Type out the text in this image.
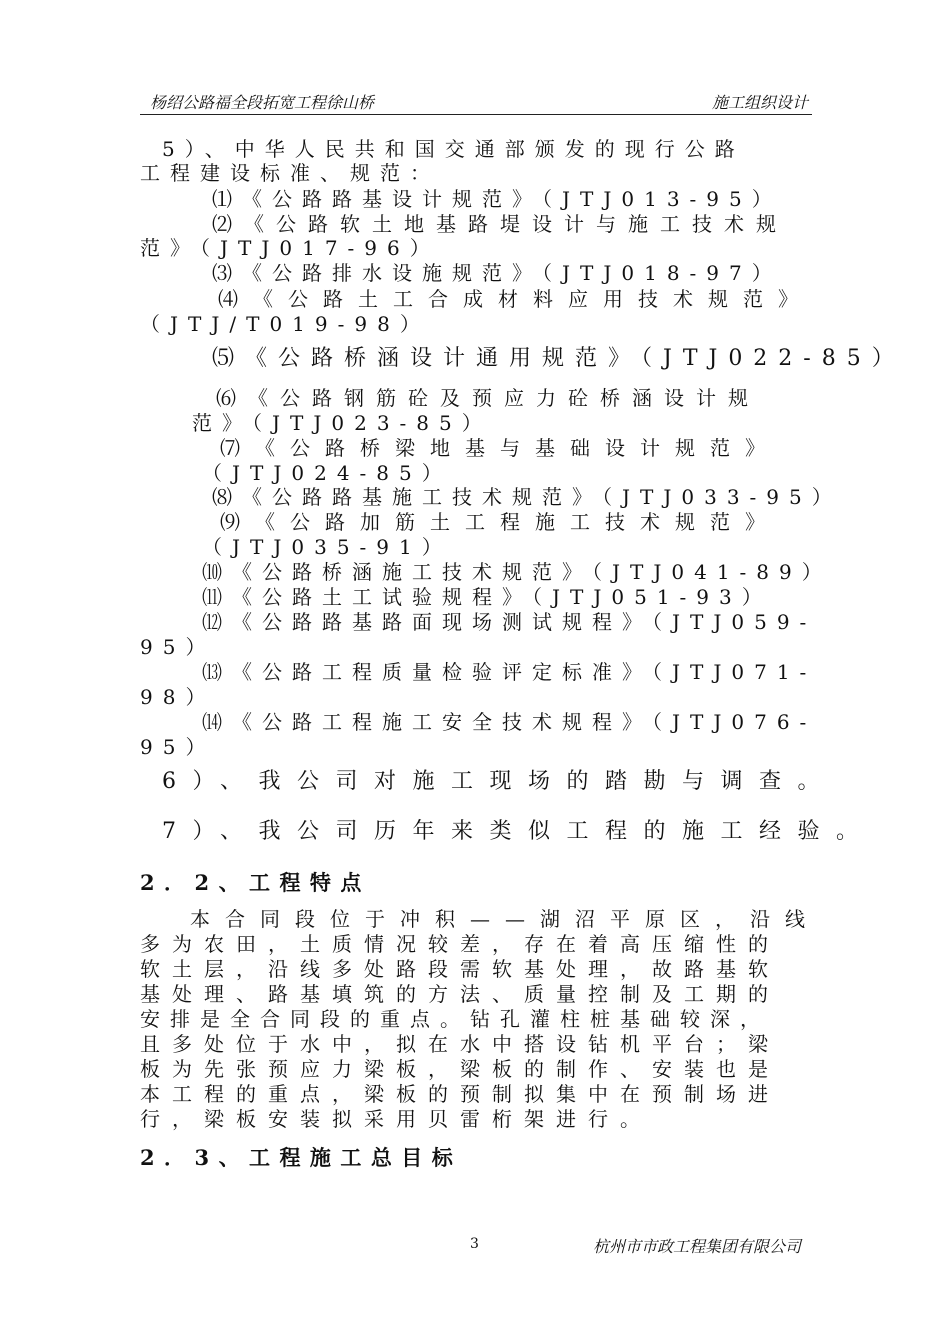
杨绍公路福全段拓宽工程徐山桥	施工组织设计
5）、中华人民共和国交通部颁发的现行公路
工程建设标准、规范：
⑴《公路路基设计规范》（JTJ013-95）
⑵《公路软土地基路堤设计与施工技术规
范》（JTJ017-96）
⑶《公路排水设施规范》（JTJ018-97）
⑷《公路土工合成材料应用技术规范》
（JTJ/T019-98）
⑸《公路桥涵设计通用规范》（JTJ022-85）
⑹《公路钢筋砼及预应力砼桥涵设计规
范》（JTJ023-85）
⑺《公路桥梁地基与基础设计规范》
（JTJ024-85）
⑻《公路路基施工技术规范》（JTJ033-95）
⑼《公路加筋土工程施工技术规范》
（JTJ035-91）
⑽《公路桥涵施工技术规范》（JTJ041-89）
⑾《公路土工试验规程》（JTJ051-93）
⑿《公路路基路面现场测试规程》（JTJ059-
95）
⒀《公路工程质量检验评定标准》（JTJ071-
98）
⒁《公路工程施工安全技术规程》（JTJ076-
95）
6）、我公司对施工现场的踏勘与调查。
7）、我公司历年来类似工程的施工经验。
2．2、工程特点
本合同段位于冲积——湖沼平原区，沿线
多为农田，土质情况较差，存在着高压缩性的
软土层，沿线多处路段需软基处理，故路基软
基处理、路基填筑的方法、质量控制及工期的
安排是全合同段的重点。钻孔灌柱桩基础较深，
且多处位于水中，拟在水中搭设钻机平台；梁
板为先张预应力梁板，梁板的制作、安装也是
本工程的重点，梁板的预制拟集中在预制场进
行，梁板安装拟采用贝雷桁架进行。
2．3、工程施工总目标
3	杭州市市政工程集团有限公司
